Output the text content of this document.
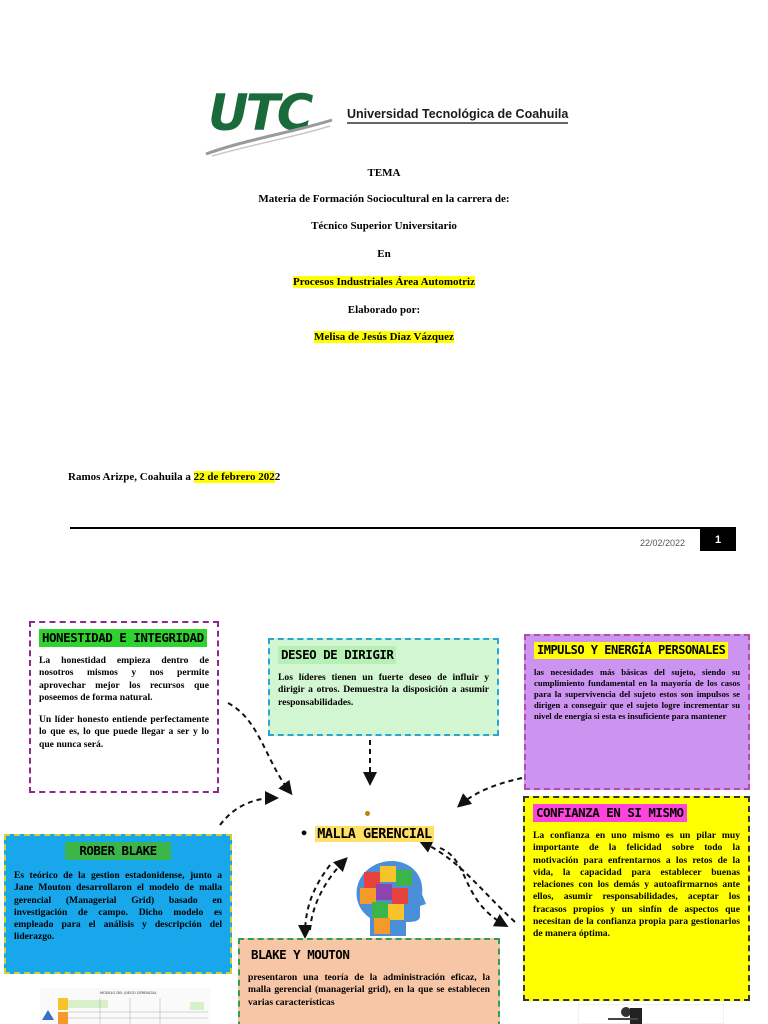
UTC	Universidad Tecnológica de Coahuila
TEMA
Materia de Formación Sociocultural en la carrera de:
Técnico Superior Universitario
En
Procesos Industriales Área Automotriz
Elaborado por:
Melisa de Jesús Diaz Vázquez
Ramos Arizpe, Coahuila a 22 de febrero 2022
22/02/2022	1
HONESTIDAD E INTEGRIDAD

La honestidad empieza dentro de nosotros mismos y nos permite aprovechar mejor los recursos que poseemos de forma natural.

Un líder honesto entiende perfectamente lo que es, lo que puede llegar a ser y lo que nunca será.

DESEO DE DIRIGIR

Los líderes tienen un fuerte deseo de influir y dirigir a otros. Demuestra la disposición a asumir responsabilidades.

IMPULSO Y ENERGÍA PERSONALES

las necesidades más básicas del sujeto, siendo su cumplimiento fundamental en la mayoría de los casos para la supervivencia del sujeto estos son impulsos se dirigen a conseguir que el sujeto logre incrementar su nivel de energía si esta es insuficiente para mantener

CONFIANZA EN SI MISMO

La confianza en uno mismo es un pilar muy importante de la felicidad sobre todo la motivación para enfrentarnos a los retos de la vida, la capacidad para establecer buenas relaciones con los demás y autoafirmarnos ante ellos, asumir responsabilidades, aceptar los fracasos propios y un sinfín de aspectos que necesitan de la confianza propia para gestionarlos de manera óptima.

ROBER BLAKE

Es teórico de la gestion estadonidense, junto a Jane Mouton desarrollaron el modelo de malla gerencial (Managerial Grid) basado en investigación de campo. Dicho modelo es empleado para el análisis y descripción del liderazgo.

BLAKE Y MOUTON

presentaron una teoría de la administración eficaz, la malla gerencial (managerial grid), en la que se establecen varias características

• MALLA GERENCIAL
MODELO DEL JUEGO GERENCIAL
